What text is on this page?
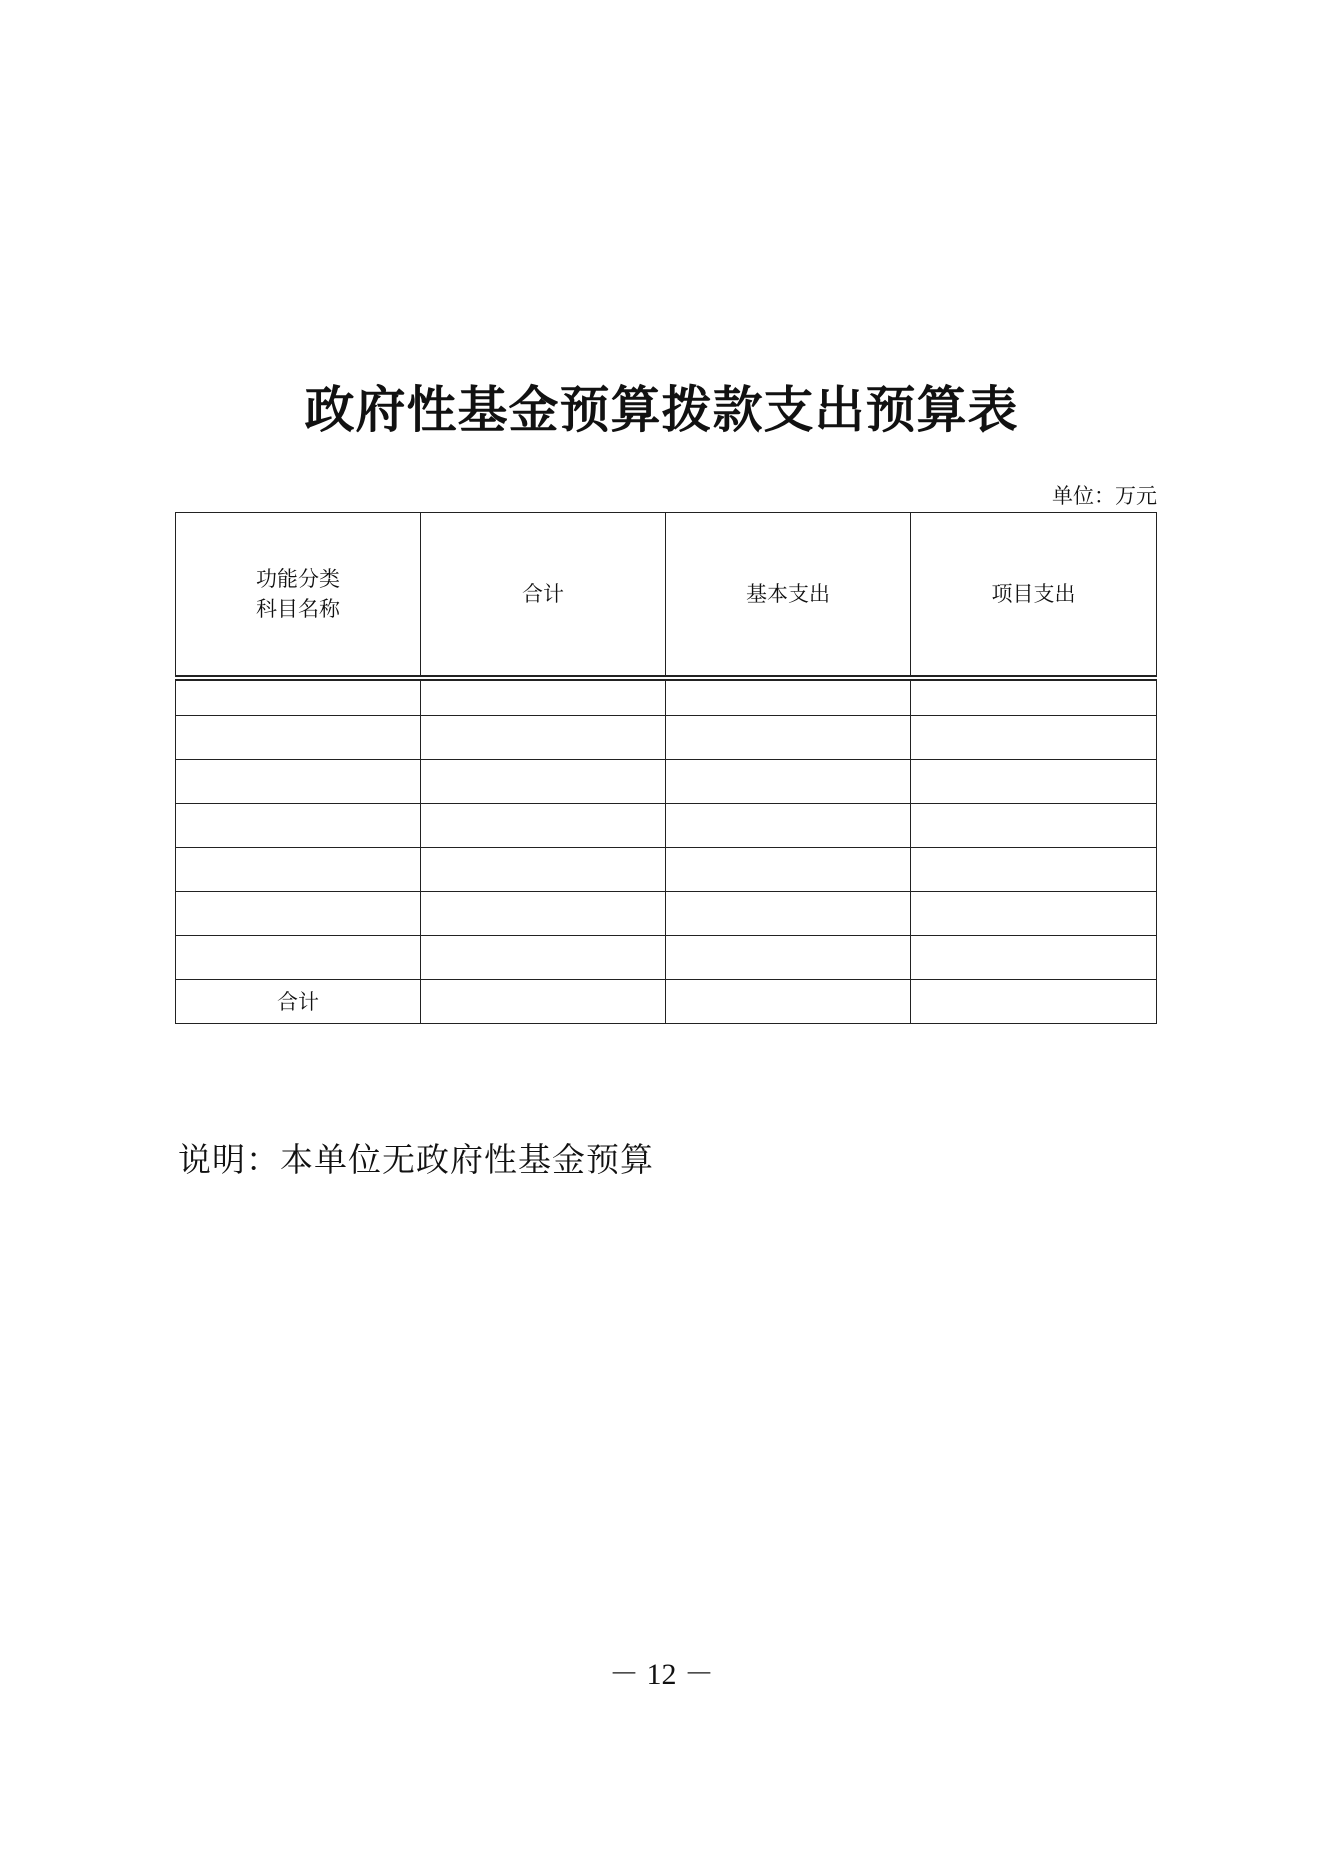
政府性基金预算拨款支出预算表
单位：万元
功能分类
科目名称	合计	基本支出	项目支出

合计			
说明：本单位无政府性基金预算
－ 12 －
